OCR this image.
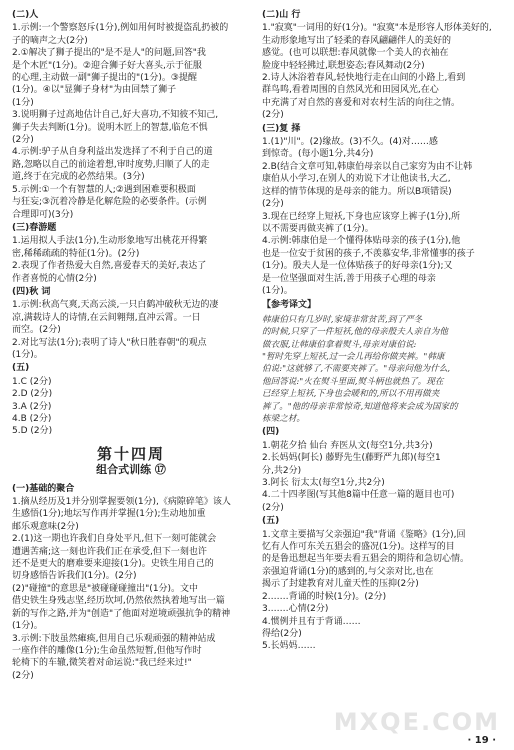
(二)人
1.示例:一个警察怒斥(1分),例如用何时被提盗乱扔被的
子的嘀声之大(2分)
2.①解决了狮子提出的"是不是人"的问题,回答"我
是个木匠"(1分)。②迎合狮子好大喜头,示于征服
的心理,主动做一副"狮子提出的"(1分)。③提醒
(1分)。④以"显狮子身材"为由回禁了狮子
(1分)
3.说明狮子过高地估计自己,好大喜功,不知彼不知己,
狮子失去判断(1分)。说明木匠上的智慧,临危不惧
(2分)
4.示例:驴子从自身利益出发选择了不利于自己的道
路,忽略以自己的前途着想,审时度势,归顺了人的走
道,终于在完成的必然结果。(3分)
5.示例:①一个有智慧的人;②遇到困难要积极面
与狂妄;③沉着冷静是化解危险的必要条件。(示例
合理即可)(3分)
(三)春游题
1.运用拟人手法(1分),生动形象地写出桃花开得繁
密,稀稀疏疏的特征(1分)。(2分)
2.表现了作者热爱大自然,喜爱春天的美好,表达了
作者喜悦的心情(2分)
(四)秋 词
1.示例:秋高气爽,天高云淡,一只白鹤冲破秋无边的凄
凉,满载诗人的诗情,在云间翱翔,直冲云霄。一日
而空。(2分)
2.对比写法(1分);表明了诗人"秋日胜春朝"的观点
(1分)。
(五)
1.C (2分)
2.D (2分)
3.A (2分)
4.B (2分)
5.D (2分)
第十四周
组合式训练 ⑰
(一)基础的聚合
1.摘从经历及1并分别掌握要领(1分),《病隙碎笔》该人
生感悟(1分);地坛写作再并掌握(1分);生动地加重
邮乐观意味(2分)
2.(1)这一期也许我们自身处平凡,但下一刻可能就会
遭遇苦痛;这一刻也许我们正在承受,但下一刻也许
还不是更大的磨难要来迎接(1分)。史铁生用自己的
切身感悟告诉我们(1分)。(2分)
(2)"碰撞"的意思是"被碰碰碰撞出"(1分)。文中
借史铁生身残志坚,经历坎坷,仍然依然执着地写出一篇
新的写作之路,并为"创造"了他面对逆境顽强抗争的精神
(1分)。
3.示例:下肢虽然瘫痪,但用自己乐观顽强的精神站成
一座作伴的雕像(1分);生命虽然短暂,但他写作时
轮椅下的车辙,微笑着对命运说:"我已经来过!"
(2分)
(二)山 行
1."寂寞"一词用的好(1分)。"寂寞"本是形容人形体美好的,
生动形象地写出了轻柔的春风翩翩伴人的美好的
感觉。(也可以联想:春风就像一个美人的衣袖在
脸庞中轻轻拂过,联想姿态;春风舞动(2分)
2.诗人沐浴着春风,轻快地行走在山间的小路上,看到
群鸟鸣,看着周围的自然风光和田园风光,在心
中充满了对自然的喜爱和对农村生活的向往之情。
(2分)
(三)复 择
1.(1)"川"。(2)缘故。(3)不久。(4)对……感
到惊奇。(每小题1分,共4分)
2.B(结合文章可知,韩康伯母亲以自己家穷为由不让韩
康伯从小学习,在别人的劝说下才让他读书,大乙,
这样的情节体现的是母亲的能力。所以B项错误)
(2分)
3.现在已经穿上短袄,下身也应该穿上裤子(1分),所
以不需要再做夹裤了(1分)。
4.示例:韩康伯是一个懂得体贴母亲的孩子(1分),他
也是一位安于贫困的孩子,不羡慕安华,非常懂事的孩子
(1分)。殷夫人是一位体贴孩子的好母亲(1分);又
是一位坚强面对生活,善于用孩子心理的母亲
(1分)。
【参考译文】
韩康伯只有几岁时,家境非常贫苦,到了严冬
的时候,只穿了一件短袄,他的母亲殷夫人亲自为他
做衣服,让韩康伯拿着熨斗,母亲对康伯说:
"暂时先穿上短袄,过一会儿再给你做夹裤。"韩康
伯说:"这就够了,不需要夹裤了。"母亲问他为什么,
他回答说:"火在熨斗里面,熨斗柄也就热了。现在
已经穿上短袄,下身也会暖和的,所以不用再做夹
裤了。"他的母亲非常惊奇,知道他将来会成为国家的
栋梁之材。
(四)
1.朝花夕拾 仙台 弃医从文(每空1分,共3分)
2.长妈妈(阿长) 藤野先生(藤野严九郎)(每空1
分,共2分)
3.阿长 衍太太(每空1分,共2分)
4.二十四孝图(写其他8篇中任意一篇的题目也可)
(2分)
(五)
1.文章主要描写父亲强迫"我"背诵《鉴略》(1分),回
忆有人作可东关五猖会的盛况(1分)。这样写的目
的是鲁迅想起当年要去看五猖会的期待和急切心情。
亲强迫背诵(1分)的感到的,与父亲对比,也在
揭示了封建教育对儿童天性的压抑(2分)
2.……背诵的时候(1分)。(2分)
3.……心情(2分)
4.惯例并且有于背诵……
得给(2分)
5.长妈妈……
MXQE.COM
· 19 ·
